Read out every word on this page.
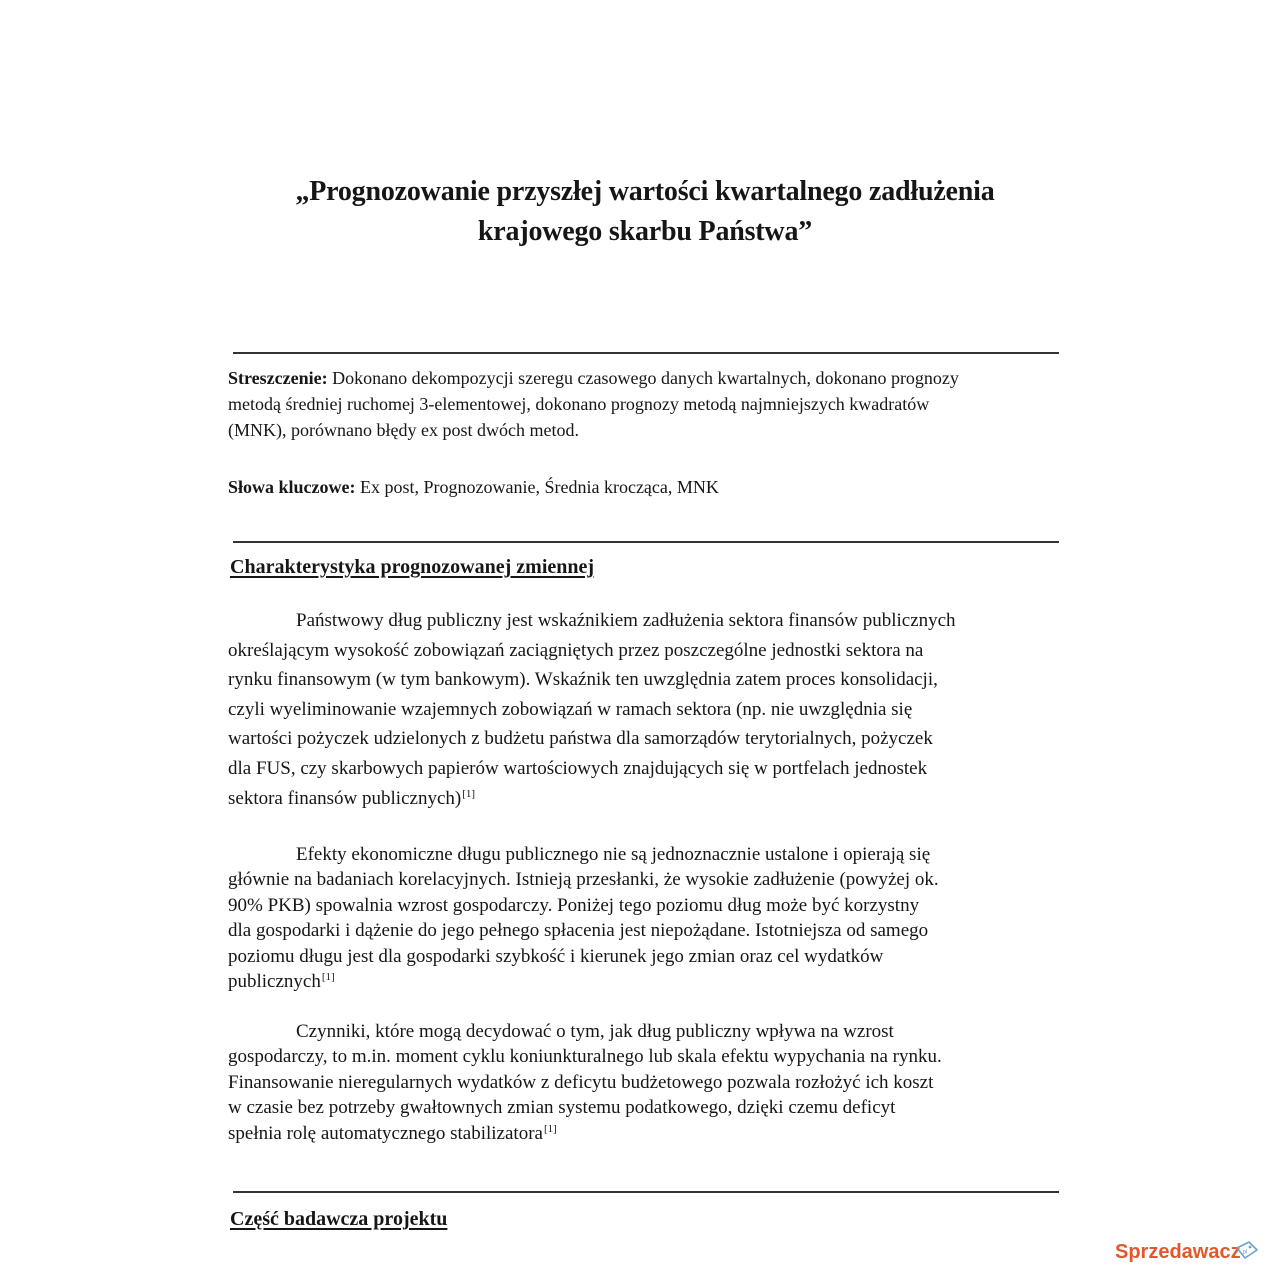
„Prognozowanie przyszłej wartości kwartalnego zadłużenia
krajowego skarbu Państwa”
Streszczenie: Dokonano dekompozycji szeregu czasowego danych kwartalnych, dokonano prognozy
metodą średniej ruchomej 3-elementowej, dokonano prognozy metodą najmniejszych kwadratów
(MNK), porównano błędy ex post dwóch metod.
Słowa kluczowe: Ex post, Prognozowanie, Średnia krocząca, MNK
Charakterystyka prognozowanej zmiennej
Państwowy dług publiczny jest wskaźnikiem zadłużenia sektora finansów publicznych
określającym wysokość zobowiązań zaciągniętych przez poszczególne jednostki sektora na
rynku finansowym (w tym bankowym). Wskaźnik ten uwzględnia zatem proces konsolidacji,
czyli wyeliminowanie wzajemnych zobowiązań w ramach sektora (np. nie uwzględnia się
wartości pożyczek udzielonych z budżetu państwa dla samorządów terytorialnych, pożyczek
dla FUS, czy skarbowych papierów wartościowych znajdujących się w portfelach jednostek
sektora finansów publicznych)[1]
Efekty ekonomiczne długu publicznego nie są jednoznacznie ustalone i opierają się
głównie na badaniach korelacyjnych. Istnieją przesłanki, że wysokie zadłużenie (powyżej ok.
90% PKB) spowalnia wzrost gospodarczy. Poniżej tego poziomu dług może być korzystny
dla gospodarki i dążenie do jego pełnego spłacenia jest niepożądane. Istotniejsza od samego
poziomu długu jest dla gospodarki szybkość i kierunek jego zmian oraz cel wydatków
publicznych[1]
Czynniki, które mogą decydować o tym, jak dług publiczny wpływa na wzrost
gospodarczy, to m.in. moment cyklu koniunkturalnego lub skala efektu wypychania na rynku.
Finansowanie nieregularnych wydatków z deficytu budżetowego pozwala rozłożyć ich koszt
w czasie bez potrzeby gwałtownych zmian systemu podatkowego, dzięki czemu deficyt
spełnia rolę automatycznego stabilizatora[1]
Część badawcza projektu
Sprzedawacz .pl
